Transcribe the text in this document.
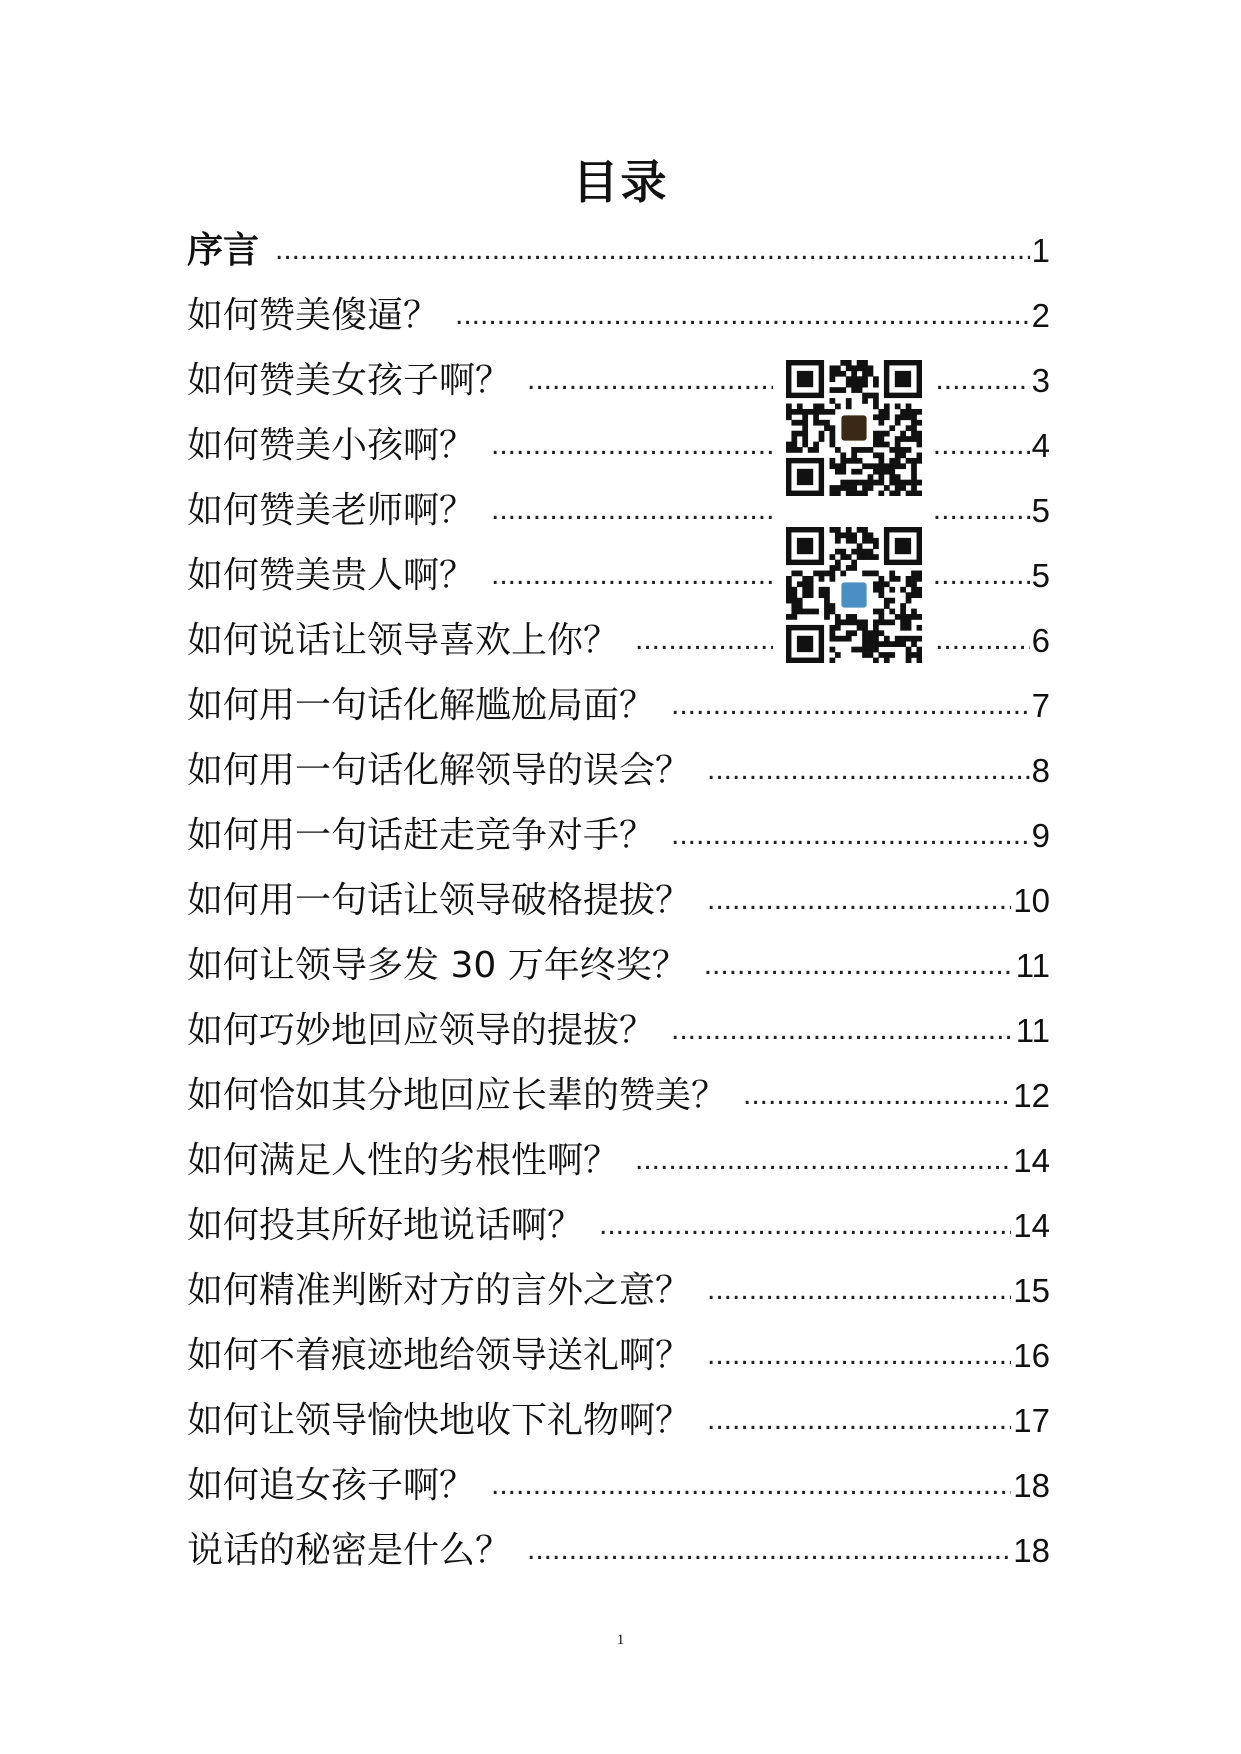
目录
序言 .....	1
如何赞美傻逼？ .....	2
如何赞美女孩子啊？ .....	3
如何赞美小孩啊？ .....	4
如何赞美老师啊？ .....	5
如何赞美贵人啊？ .....	5
如何说话让领导喜欢上你？ .....	6
如何用一句话化解尴尬局面？ .....	7
如何用一句话化解领导的误会？ .....	8
如何用一句话赶走竞争对手？ .....	9
如何用一句话让领导破格提拔？ .....	10
如何让领导多发 30 万年终奖？ .....	11
如何巧妙地回应领导的提拔？ .....	11
如何恰如其分地回应长辈的赞美？ .....	12
如何满足人性的劣根性啊？ .....	14
如何投其所好地说话啊？ .....	14
如何精准判断对方的言外之意？ .....	15
如何不着痕迹地给领导送礼啊？ .....	16
如何让领导愉快地收下礼物啊？ .....	17
如何追女孩子啊？ .....	18
说话的秘密是什么？ .....	18
1
